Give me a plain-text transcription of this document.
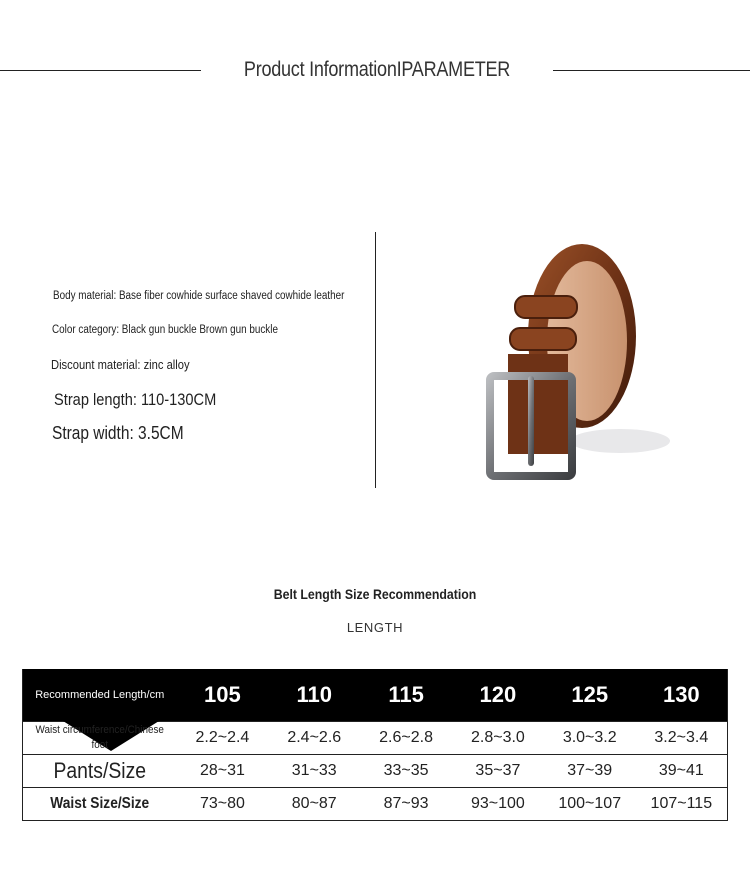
Product InformationIPARAMETER
Body material: Base fiber cowhide surface shaved cowhide leather
Color category: Black gun buckle Brown gun buckle
Discount material: zinc alloy
Strap length: 110-130CM
Strap width: 3.5CM
Belt Length Size Recommendation
LENGTH
Recommended Length/cm	105	110	115	120	125	130

Waist circumference/Chinese foot	2.2~2.4	2.4~2.6	2.6~2.8	2.8~3.0	3.0~3.2	3.2~3.4

Pants/Size	28~31	31~33	33~35	35~37	37~39	39~41

Waist Size/Size	73~80	80~87	87~93	93~100	100~107	107~115
